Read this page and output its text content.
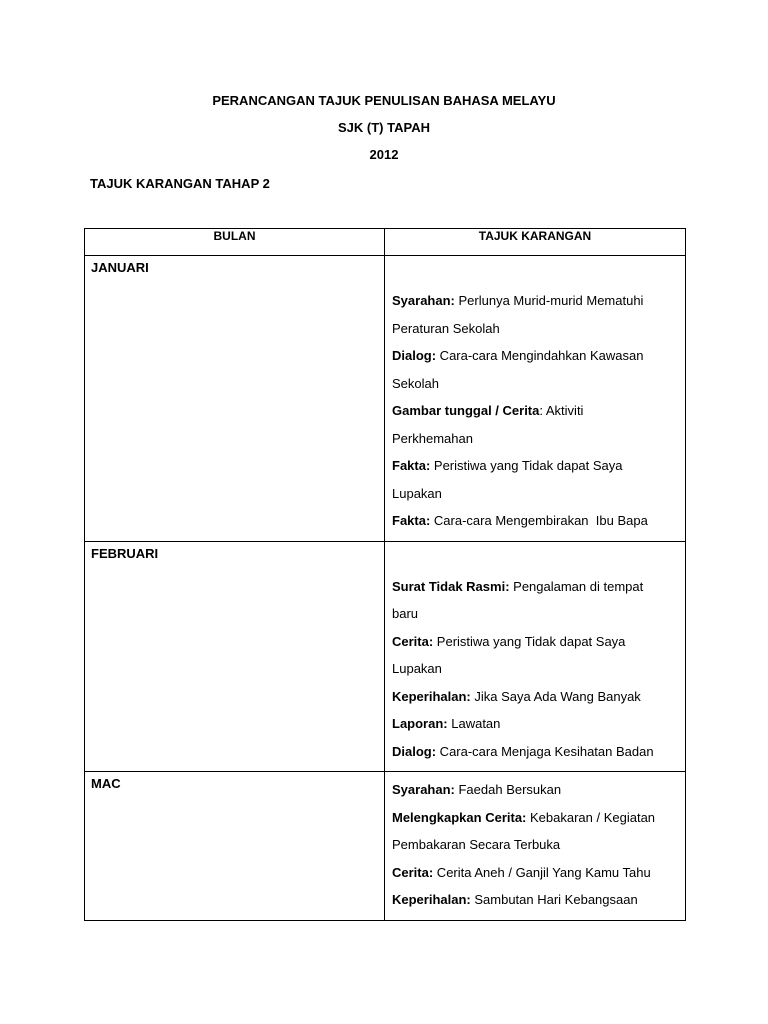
PERANCANGAN TAJUK PENULISAN BAHASA MELAYU
SJK (T) TAPAH
2012
TAJUK KARANGAN TAHAP 2
BULAN	TAJUK KARANGAN
JANUARI	Syarahan: Perlunya Murid-murid Mematuhi Peraturan Sekolah
Dialog: Cara-cara Mengindahkan Kawasan Sekolah
Gambar tunggal / Cerita: Aktiviti Perkhemahan
Fakta: Peristiwa yang Tidak dapat Saya Lupakan
Fakta: Cara-cara Mengembirakan  Ibu Bapa

FEBRUARI	Surat Tidak Rasmi: Pengalaman di tempat baru
Cerita: Peristiwa yang Tidak dapat Saya Lupakan
Keperihalan: Jika Saya Ada Wang Banyak
Laporan: Lawatan
Dialog: Cara-cara Menjaga Kesihatan Badan

MAC	Syarahan: Faedah Bersukan
Melengkapkan Cerita: Kebakaran / Kegiatan Pembakaran Secara Terbuka
Cerita: Cerita Aneh / Ganjil Yang Kamu Tahu
Keperihalan: Sambutan Hari Kebangsaan
